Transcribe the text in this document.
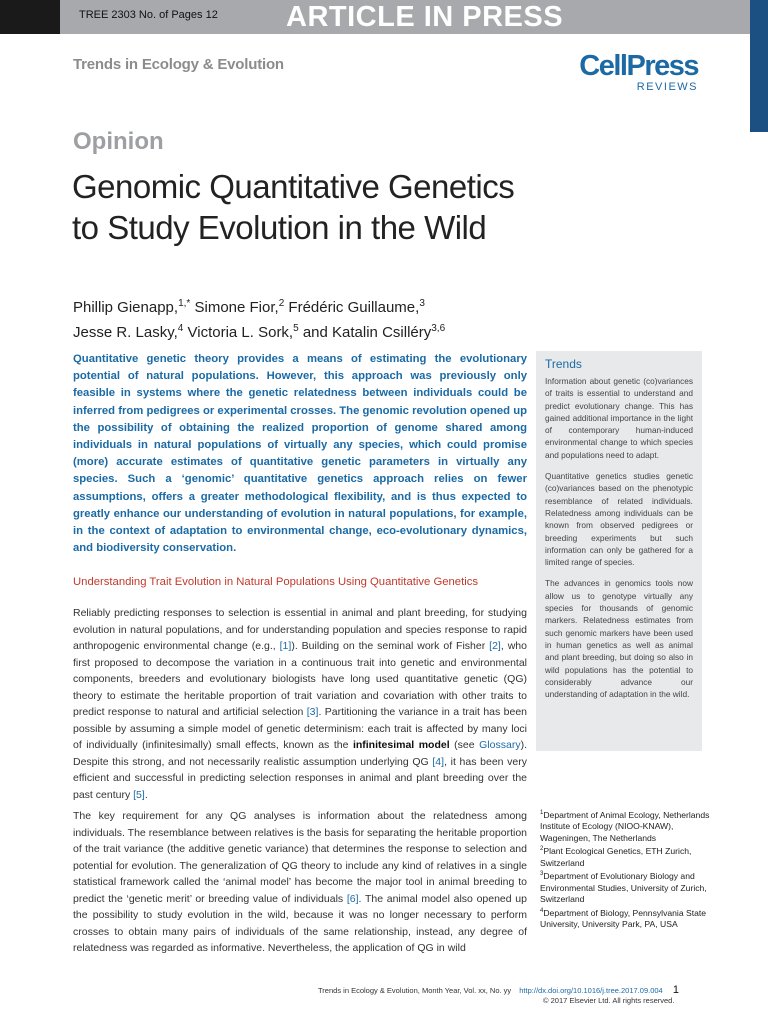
TREE 2303 No. of Pages 12 ARTICLE IN PRESS
Trends in Ecology & Evolution	CellPress
REVIEWS
Opinion
Genomic Quantitative Genetics to Study Evolution in the Wild
Phillip Gienapp,$^{1,*}$ Simone Fior,$^2$ Frédéric Guillaume,$^3$
Jesse R. Lasky,$^4$ Victoria L. Sork,$^5$ and Katalin Csilléry$^{3,6}$
Quantitative genetic theory provides a means of estimating the evolutionary potential of natural populations. However, this approach was previously only feasible in systems where the genetic relatedness between individuals could be inferred from pedigrees or experimental crosses. The genomic revolution opened up the possibility of obtaining the realized proportion of genome shared among individuals in natural populations of virtually any species, which could promise (more) accurate estimates of quantitative genetic parameters in virtually any species. Such a ‘genomic’ quantitative genetics approach relies on fewer assumptions, offers a greater methodological flexibility, and is thus expected to greatly enhance our understanding of evolution in natural populations, for example, in the context of adaptation to environmental change, eco-evolutionary dynamics, and biodiversity conservation.
Understanding Trait Evolution in Natural Populations Using Quantitative Genetics
Reliably predicting responses to selection is essential in animal and plant breeding, for studying evolution in natural populations, and for understanding population and species response to rapid anthropogenic environmental change (e.g., [1]). Building on the seminal work of Fisher [2], who first proposed to decompose the variation in a continuous trait into genetic and environmental components, breeders and evolutionary biologists have long used quantitative genetic (QG) theory to estimate the heritable proportion of trait variation and covariation with other traits to predict response to natural and artificial selection [3]. Partitioning the variance in a trait has been possible by assuming a simple model of genetic determinism: each trait is affected by many loci of individually (infinitesimally) small effects, known as the infinitesimal model (see Glossary). Despite this strong, and not necessarily realistic assumption underlying QG [4], it has been very efficient and successful in predicting selection responses in animal and plant breeding over the past century [5].
The key requirement for any QG analyses is information about the relatedness among individuals. The resemblance between relatives is the basis for separating the heritable proportion of the trait variance (the additive genetic variance) that determines the response to selection and potential for evolution. The generalization of QG theory to include any kind of relatives in a single statistical framework called the ‘animal model’ has become the major tool in animal breeding to predict the ‘genetic merit’ or breeding value of individuals [6]. The animal model also opened up the possibility to study evolution in the wild, because it was no longer necessary to perform crosses to obtain many pairs of individuals of the same relationship, instead, any degree of relatedness was regarded as informative. Nevertheless, the application of QG in wild
Trends

Information about genetic (co)variances of traits is essential to understand and predict evolutionary change. This has gained additional importance in the light of contemporary human-induced environmental change to which species and populations need to adapt.

Quantitative genetics studies genetic (co)variances based on the phenotypic resemblance of related individuals. Relatedness among individuals can be known from observed pedigrees or breeding experiments but such information can only be gathered for a limited range of species.

The advances in genomics tools now allow us to genotype virtually any species for thousands of genomic markers. Relatedness estimates from such genomic markers have been used in human genetics as well as animal and plant breeding, but doing so also in wild populations has the potential to considerably advance our understanding of adaptation in the wild.

$^1$Department of Animal Ecology, Netherlands Institute of Ecology (NIOO-KNAW), Wageningen, The Netherlands

$^2$Plant Ecological Genetics, ETH Zurich, Switzerland

$^3$Department of Evolutionary Biology and Environmental Studies, University of Zurich, Switzerland

$^4$Department of Biology, Pennsylvania State University, University Park, PA, USA

Trends in Ecology & Evolution, Month Year, Vol. xx, No. yy http://dx.doi.org/10.1016/j.tree.2017.09.004 1
© 2017 Elsevier Ltd. All rights reserved.
